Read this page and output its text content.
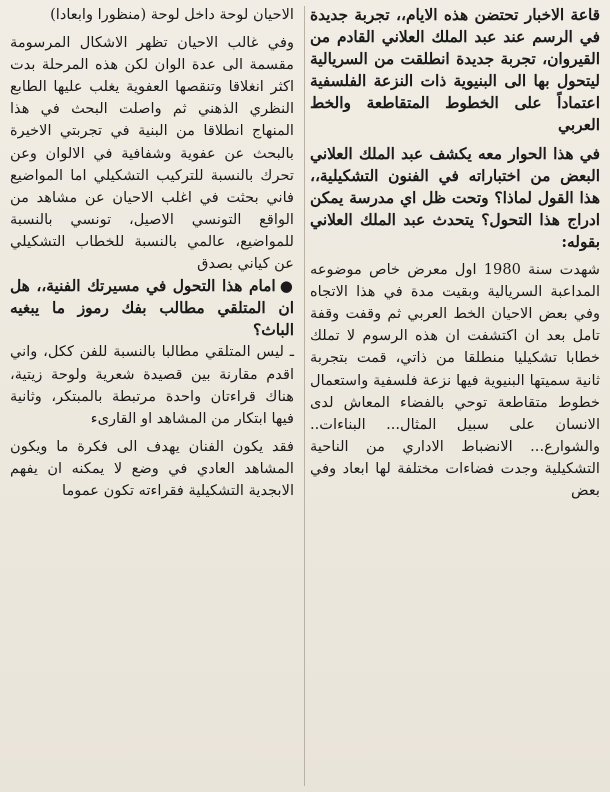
قاعة الاخبار تحتضن هذه الايام،، تجربة جديدة في الرسم عند عبد الملك العلاني القادم من القيروان، تجربة جديدة انطلقت من السريالية ليتحول بها الى البنيوية ذات النزعة الفلسفية اعتماداً على الخطوط المتقاطعة والخط العربي

في هذا الحوار معه يكشف عبد الملك العلاني البعض من اختباراته في الفنون التشكيلية،، هذا القول لماذا؟ وتحت ظل اي مدرسة يمكن ادراج هذا التحول؟ يتحدث عبد الملك العلاني بقوله:

شهدت سنة 1980 اول معرض خاص موضوعه المداعبة السريالية وبقيت مدة في هذا الاتجاه وفي بعض الاحيان الخط العربي ثم وقفت وقفة تامل بعد ان اكتشفت ان هذه الرسوم لا تملك خطابا تشكيليا منطلقا من ذاتي، قمت بتجربة ثانية سميتها البنيوية فيها نزعة فلسفية واستعمال خطوط متقاطعة توحي بالفضاء المعاش لدى الانسان على سبيل المثال... البناءات.. والشوارع... الانضباط الاداري من الناحية التشكيلية وجدت فضاءات مختلفة لها ابعاد وفي بعض

الاحيان لوحة داخل لوحة (منظورا وابعادا)

وفي غالب الاحيان تظهر الاشكال المرسومة مقسمة الى عدة الوان لكن هذه المرحلة بدت اكثر انغلاقا وتنقصها العفوية يغلب عليها الطابع النظري الذهني ثم واصلت البحث في هذا المنهاج انطلاقا من البنية في تجربتي الاخيرة بالبحث عن عفوية وشفافية في الالوان وعن تحرك بالنسبة للتركيب التشكيلي اما المواضيع فاني بحثت في اغلب الاحيان عن مشاهد من الواقع التونسي الاصيل، تونسي بالنسبة للمواضيع، عالمي بالنسبة للخطاب التشكيلي عن كياني بصدق

●امام هذا التحول في مسيرتك الفنية،، هل ان المتلقي مطالب بفك رموز ما يبغيه الباث؟

ـ ليس المتلقي مطالبا بالنسبة للفن ككل، واني اقدم مقارنة بين قصيدة شعرية ولوحة زيتية، هناك قراءتان واحدة مرتبطة بالمبتكر، وثانية فيها ابتكار من المشاهد او القارىء

فقد يكون الفنان يهدف الى فكرة ما ويكون المشاهد العادي في وضع لا يمكنه ان يفهم الابجدية التشكيلية فقراءته تكون عموما
